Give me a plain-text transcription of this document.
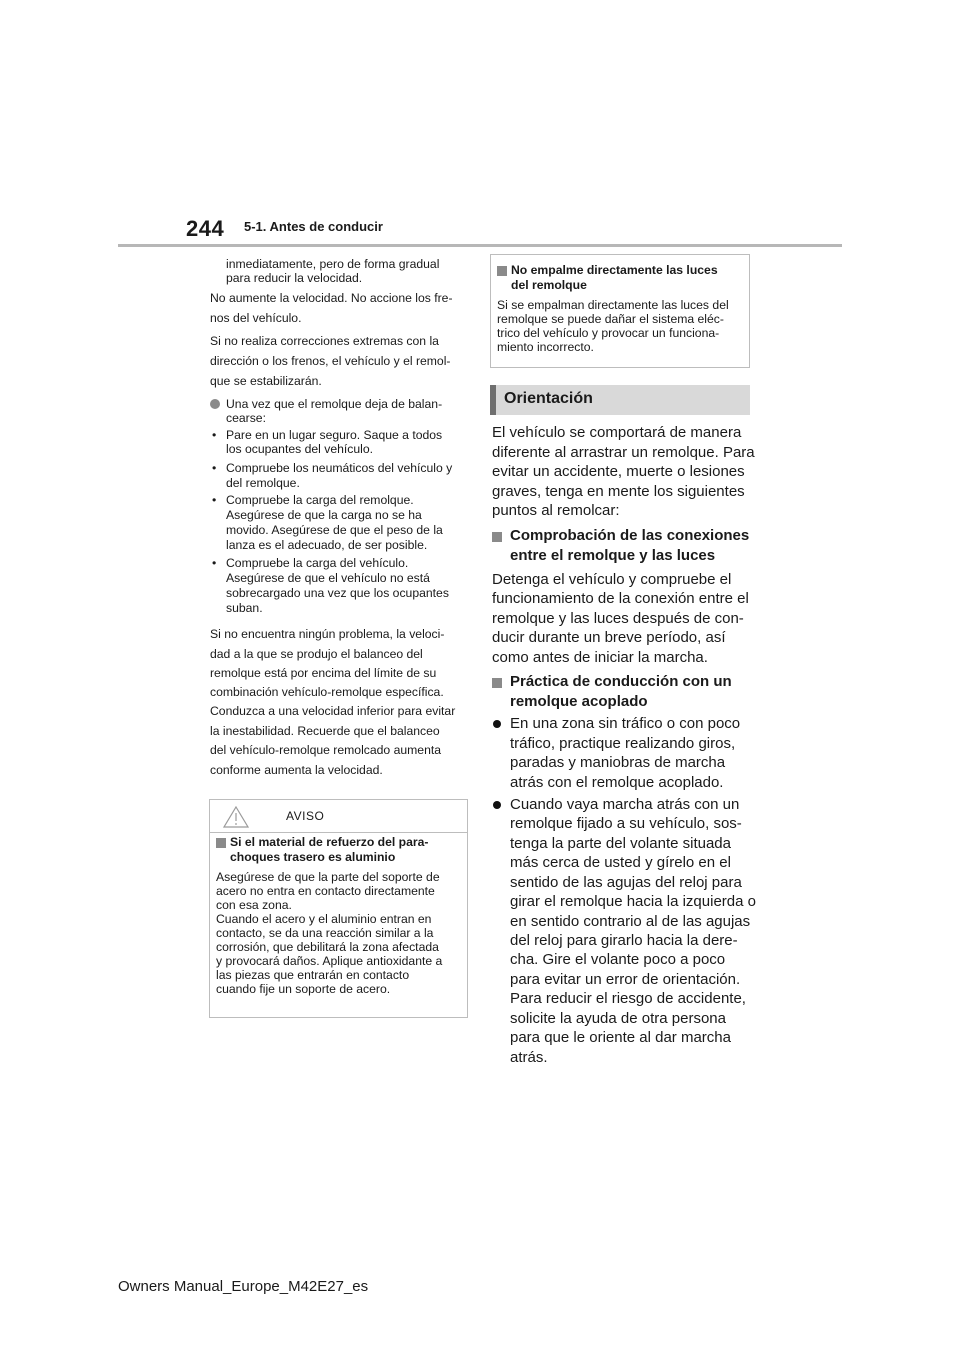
244 5-1. Antes de conducir
inmediatamente, pero de forma gradual
para reducir la velocidad.
No aumente la velocidad. No accione los fre-
nos del vehículo.
Si no realiza correcciones extremas con la
dirección o los frenos, el vehículo y el remol-
que se estabilizarán.
Una vez que el remolque deja de balan-
cearse:
• Pare en un lugar seguro. Saque a todos
los ocupantes del vehículo.
• Compruebe los neumáticos del vehículo y
del remolque.
• Compruebe la carga del remolque.
Asegúrese de que la carga no se ha
movido. Asegúrese de que el peso de la
lanza es el adecuado, de ser posible.
• Compruebe la carga del vehículo.
Asegúrese de que el vehículo no está
sobrecargado una vez que los ocupantes
suban.
Si no encuentra ningún problema, la veloci-
dad a la que se produjo el balanceo del
remolque está por encima del límite de su
combinación vehículo-remolque específica.
Conduzca a una velocidad inferior para evitar
la inestabilidad. Recuerde que el balanceo
del vehículo-remolque remolcado aumenta
conforme aumenta la velocidad.
AVISO
Si el material de refuerzo del para-
choques trasero es aluminio
Asegúrese de que la parte del soporte de
acero no entra en contacto directamente
con esa zona.
Cuando el acero y el aluminio entran en
contacto, se da una reacción similar a la
corrosión, que debilitará la zona afectada
y provocará daños. Aplique antioxidante a
las piezas que entrarán en contacto
cuando fije un soporte de acero.
No empalme directamente las luces
del remolque
Si se empalman directamente las luces del
remolque se puede dañar el sistema eléc-
trico del vehículo y provocar un funciona-
miento incorrecto.
Orientación
El vehículo se comportará de manera
diferente al arrastrar un remolque. Para
evitar un accidente, muerte o lesiones
graves, tenga en mente los siguientes
puntos al remolcar:
Comprobación de las conexiones
entre el remolque y las luces
Detenga el vehículo y compruebe el
funcionamiento de la conexión entre el
remolque y las luces después de con-
ducir durante un breve período, así
como antes de iniciar la marcha.
Práctica de conducción con un
remolque acoplado
En una zona sin tráfico o con poco
tráfico, practique realizando giros,
paradas y maniobras de marcha
atrás con el remolque acoplado.
Cuando vaya marcha atrás con un
remolque fijado a su vehículo, sos-
tenga la parte del volante situada
más cerca de usted y gírelo en el
sentido de las agujas del reloj para
girar el remolque hacia la izquierda o
en sentido contrario al de las agujas
del reloj para girarlo hacia la dere-
cha. Gire el volante poco a poco
para evitar un error de orientación.
Para reducir el riesgo de accidente,
solicite la ayuda de otra persona
para que le oriente al dar marcha
atrás.
Owners Manual_Europe_M42E27_es
